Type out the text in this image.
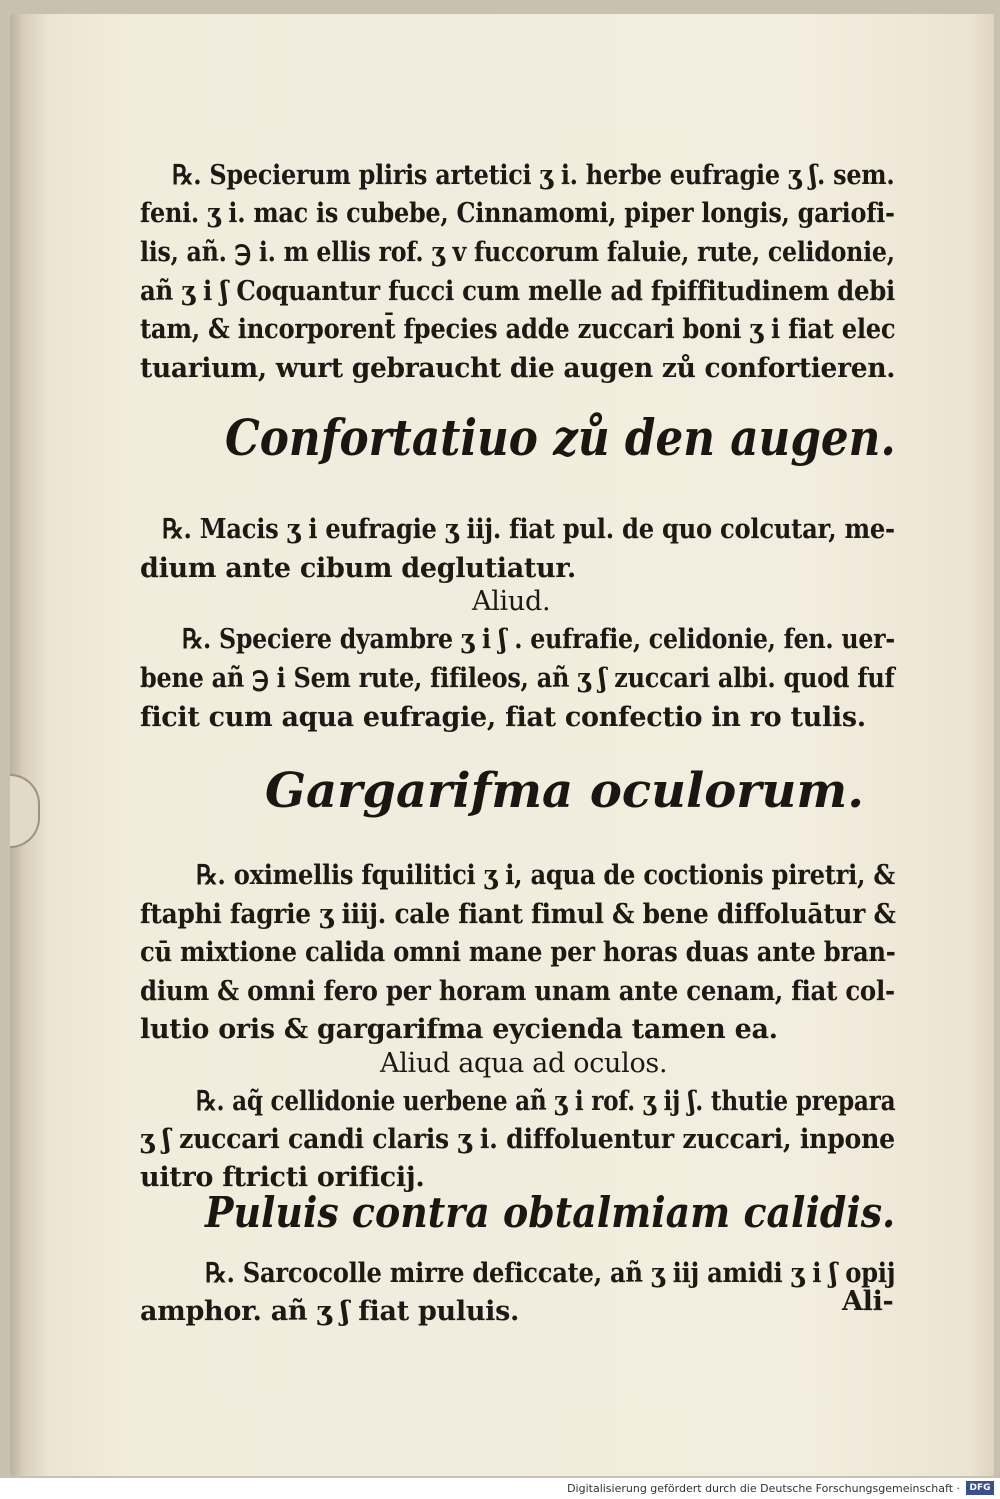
℞. Specierum pliris artetici ʒ i. herbe eufragie ʒ ʃ. sem.
feni. ʒ i. mac is cubebe, Cinnamomi, piper longis, gariofi-
lis, añ. ℈ i. m ellis rof. ʒ v fuccorum faluie, rute, celidonie,
añ ʒ i ʃ Coquantur fucci cum melle ad fpiffitudinem debi
tam, & incorporent̄ fpecies adde zuccari boni ʒ i fiat elec
tuarium, wurt gebraucht die augen zů confortieren.
Confortatiuo zů den augen.
℞. Macis ʒ i eufragie ʒ iij. fiat pul. de quo colcutar, me-
dium ante cibum deglutiatur.
Aliud.
℞. Speciere dyambre ʒ i ʃ . eufrafie, celidonie, fen. uer-
bene añ ℈ i Sem rute, fifileos, añ ʒ ʃ zuccari albi. quod fuf
ficit cum aqua eufragie, fiat confectio in ro tulis.
Gargarifma oculorum.
℞. oximellis fquilitici ʒ i, aqua de coctionis piretri, &
ftaphi fagrie ʒ iiij. cale fiant fimul & bene diffoluātur &
cū mixtione calida omni mane per horas duas ante bran-
dium & omni fero per horam unam ante cenam, fiat col-
lutio oris & gargarifma eycienda tamen ea.
Aliud aqua ad oculos.
℞. aq̃ cellidonie uerbene añ ʒ i rof. ʒ ij ʃ. thutie prepara
ʒ ʃ zuccari candi claris ʒ i. diffoluentur zuccari, inpone
uitro ftricti orificij.
Puluis contra obtalmiam calidis.
℞. Sarcocolle mirre deficcate, añ ʒ iij amidi ʒ i ʃ opij
amphor. añ ʒ ʃ fiat puluis.	Ali-
Digitalisierung gefördert durch die Deutsche Forschungsgemeinschaft ·	DFG
